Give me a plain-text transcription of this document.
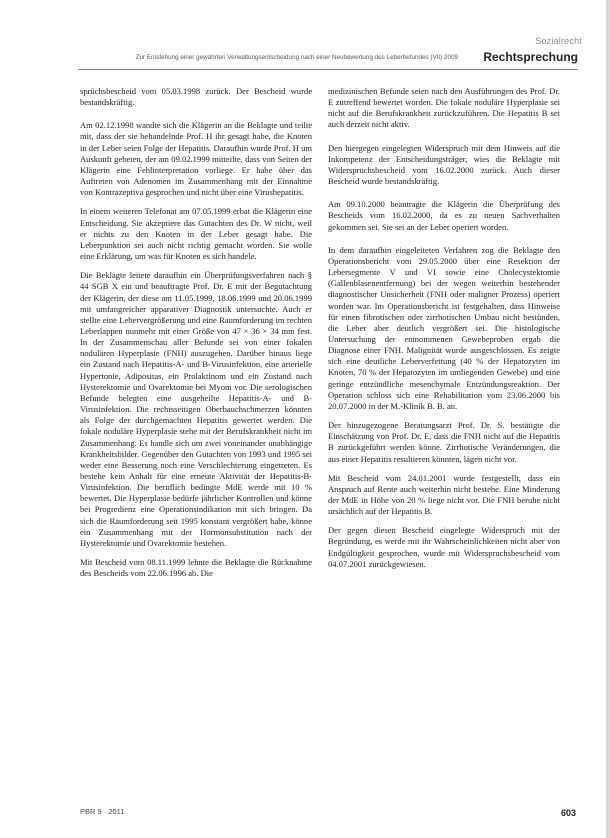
Sozialrecht
Zur Entstehung einer gewährten Verwaltungsentscheidung nach einer Neubewertung des Leberbefundes (VII) 2009 Rechtsprechung

sprüchsbescheid vom 05.03.1998 zurück. Der Bescheid wurde bestandskräftig.

Am 02.12.1998 wandte sich die Klägerin an die Beklagte und teilte mit, dass der sie behandelnde Prof. H ihr gesagt habe, die Knoten in der Leber seien Folge der Hepatitis. Daraufhin wurde Prof. H um Auskunft gebeten, der am 09.02.1999 mitteilte, dass von Seiten der Klägerin eine Fehlinterpretation vorliege. Er habe über das Auftreten von Adenomen im Zusammenhang mit der Einnahme von Kontrazeptiva gesprochen und nicht über eine Virushepatitis.

In einem weiteren Telefonat am 07.05.1999 erbat die Klägerin eine Entscheidung. Sie akzeptiere das Gutachten des Dr. W nicht, weil er nichts zu den Knoten in der Leber gesagt habe. Die Leberpunktion sei auch nicht richtig gemacht worden. Sie wolle eine Erklärung, um was für Knoten es sich handele.

Die Beklagte leitete daraufhin ein Überprüfungsverfahren nach § 44 SGB X ein und beauftragte Prof. Dr. E mit der Begutachtung der Klägerin, der diese am 11.05.1999, 18.06.1999 und 20.06.1999 mit umfangreicher apparativer Diagnostik untersuchte. Auch er stellte eine Lebervergrößerung und eine Raumforderung im rechten Leberlappen nunmehr mit einer Größe von 47 × 36 × 34 mm fest. In der Zusammenschau aller Befunde sei von einer fokalen nodulären Hyperplasie (FNH) auszugehen. Darüber hinaus liege ein Zustand nach Hepatitis-A- und B-Virusinfektion, eine arterielle Hypertonie, Adipositas, ein Prolaktinom und ein Zustand nach Hysterektomie und Ovarektomie bei Myom vor. Die serologischen Befunde belegten eine ausgeheilte Hepatitis-A- und B-Virusinfektion. Die rechtsseitigen Oberbauchschmerzen könnten als Folge der durchgemachten Hepatitis gewertet werden. Die fokale noduläre Hyperplasie stehe mit der Berufskrankheit nicht im Zusammenhang. Es handle sich um zwei voneinander unabhängige Krankheitsbilder. Gegenüber den Gutachten von 1993 und 1995 sei weder eine Besserung noch eine Verschlechterung eingetreten. Es bestehe kein Anhalt für eine erneute Aktivität der Hepatitis-B-Virusinfektion. Die beruflich bedingte MdE werde mit 10 % bewertet. Die Hyperplasie bedürfe jährlicher Kontrollen und könne bei Progredienz eine Operationsindikation mit sich bringen. Da sich die Raumforderung seit 1995 konstant vergrößert habe, könne ein Zusammenhang mit der Hormonsubstitution nach der Hysterektomie und Ovarektomie bestehen.

Mit Bescheid vom 08.11.1999 lehnte die Beklagte die Rücknahme des Bescheids vom 22.06.1996 ab. Die

medizinischen Befunde seien nach den Ausführungen des Prof. Dr. E zutreffend bewertet worden. Die fokale noduläre Hyperplasie sei nicht auf die Berufskrankheit zurückzuführen. Die Hepatitis B sei auch derzeit nicht aktiv.

Den hiergegen eingelegten Widerspruch mit dem Hinweis auf die Inkompetenz der Entscheidungsträger, wies die Beklagte mit Widerspruchsbescheid vom 16.02.2000 zurück. Auch dieser Bescheid wurde bestandskräftig.

Am 09.10.2000 beantragte die Klägerin die Überprüfung des Bescheids vom 16.02.2000, da es zu neuen Sachverhalten gekommen sei. Sie sei an der Leber operiert worden.

In dem daraufhin eingeleiteten Verfahren zog die Beklagte den Operationsbericht vom 29.05.2000 über eine Resektion der Lebersegmente V und VI sowie eine Cholecystektomie (Gallenblasenentfernung) bei der wegen weiterhin bestehender diagnostischer Unsicherheit (FNH oder maligner Prozess) operiert worden war. Im Operationsbericht ist festgehalten, dass Hinweise für einen fibrotischen oder zirrhotischen Umbau nicht bestünden, die Leber aber deutlich vergrößert sei. Die histologische Untersuchung der entnommenen Gewebeproben ergab die Diagnose einer FNH. Malignität wurde ausgeschlossen. Es zeigte sich eine deutliche Leberverfettung (40 % der Hepatozyten im Knoten, 70 % der Hepatozyten im umliegenden Gewebe) und eine geringe entzündliche mesenchymale Entzündungsreaktion. Der Operation schloss sich eine Rehabilitation vom 23.06.2000 bis 20.07.2000 in der M.-Klinik B. B. an.

Der hinzugezogene Beratungsarzt Prof. Dr. S. bestätigte die Einschätzung von Prof. Dr. E, dass die FNH nicht auf die Hepatitis B zurückgeführt werden könne. Zirrhotische Veränderungen, die aus einer Hepatitis resultieren könnten, lägen nicht vor.

Mit Bescheid vom 24.01.2001 wurde festgestellt, dass ein Anspruch auf Rente auch weiterhin nicht bestehe. Eine Minderung der MdE in Höhe von 20 % liege nicht vor. Die FNH beruhe nicht ursächlich auf der Hepatitis B.

Der gegen diesen Bescheid eingelegte Widerspruch mit der Begründung, es werde mit ihr Wahrscheinlichkeiten nicht aber von Endgültigkeit gesprochen, wurde mit Widerspruchsbescheid vom 04.07.2001 zurückgewiesen.

PBR 9 · 2011	603
